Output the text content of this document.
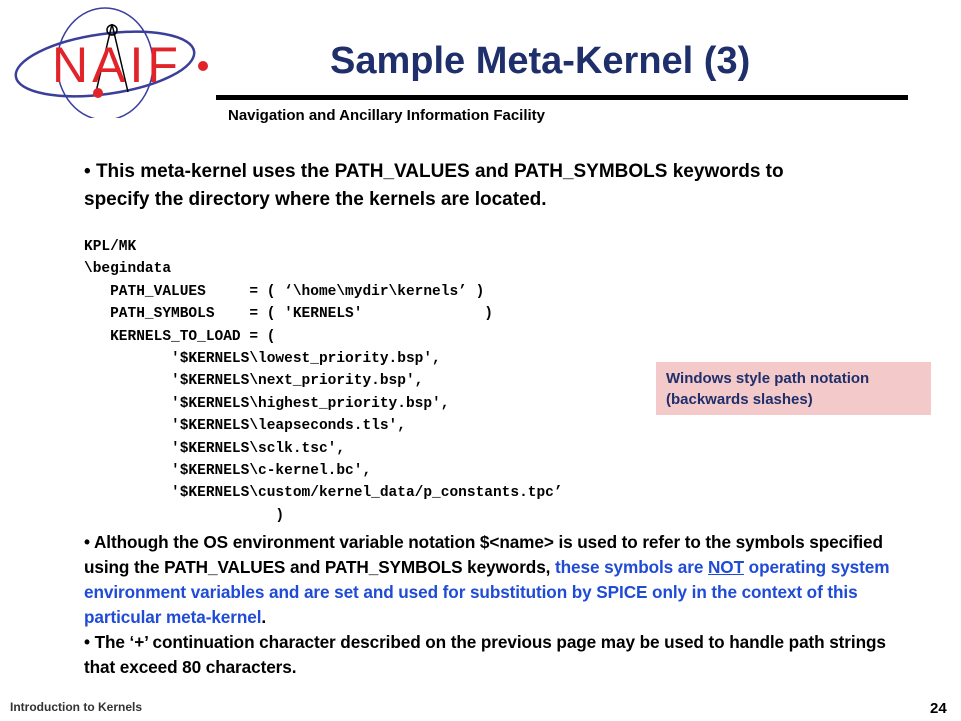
NAIF	Sample Meta-Kernel (3)
Navigation and Ancillary Information Facility
• This meta-kernel uses the PATH_VALUES and PATH_SYMBOLS keywords to specify the directory where the kernels are located.
KPL/MK
\begindata
PATH_VALUES     = ( ‘\home\mydir\kernels’ )
PATH_SYMBOLS    = ( 'KERNELS'              )
KERNELS_TO_LOAD = (
'$KERNELS\lowest_priority.bsp',
'$KERNELS\next_priority.bsp',
'$KERNELS\highest_priority.bsp',
'$KERNELS\leapseconds.tls',
'$KERNELS\sclk.tsc',
'$KERNELS\c-kernel.bc',
'$KERNELS\custom/kernel_data/p_constants.tpc’
)
Windows style path notation
(backwards slashes)
• Although the OS environment variable notation $<name> is used to refer to the symbols specified using the PATH_VALUES and PATH_SYMBOLS keywords, these symbols are NOT operating system environment variables and are set and used for substitution by SPICE only in the context of this particular meta-kernel.
• The ‘+’ continuation character described on the previous page may be used to handle path strings that exceed 80 characters.
Introduction to Kernels	24
